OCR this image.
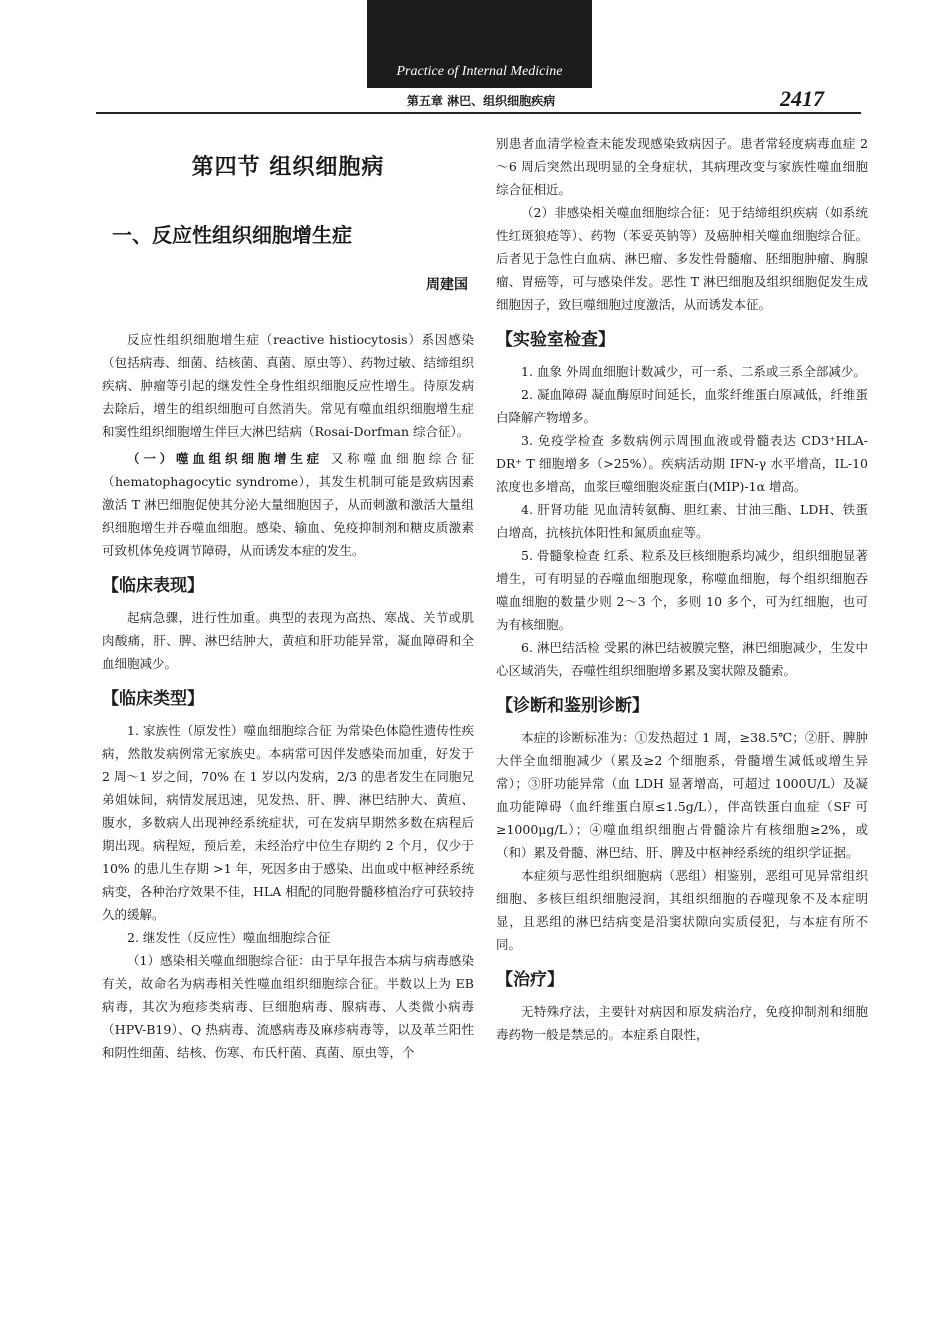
Practice of Internal Medicine
第五章 淋巴、组织细胞疾病	2417
第四节 组织细胞病
一、反应性组织细胞增生症
周建国

反应性组织细胞增生症（reactive histiocytosis）系因感染（包括病毒、细菌、结核菌、真菌、原虫等）、药物过敏、结缔组织疾病、肿瘤等引起的继发性全身性组织细胞反应性增生。待原发病去除后，增生的组织细胞可自然消失。常见有噬血组织细胞增生症和窦性组织细胞增生伴巨大淋巴结病（Rosai-Dorfman 综合征）。

（一）噬血组织细胞增生症 又称噬血细胞综合征（hematophagocytic syndrome），其发生机制可能是致病因素激活 T 淋巴细胞促使其分泌大量细胞因子，从而刺激和激活大量组织细胞增生并吞噬血细胞。感染、输血、免疫抑制剂和糖皮质激素可致机体免疫调节障碍，从而诱发本症的发生。

【临床表现】

起病急骤，进行性加重。典型的表现为高热、寒战、关节或肌肉酸痛，肝、脾、淋巴结肿大，黄疸和肝功能异常，凝血障碍和全血细胞减少。

【临床类型】

1. 家族性（原发性）噬血细胞综合征 为常染色体隐性遗传性疾病，然散发病例常无家族史。本病常可因伴发感染而加重，好发于 2 周～1 岁之间，70% 在 1 岁以内发病，2/3 的患者发生在同胞兄弟姐妹间，病情发展迅速，见发热、肝、脾、淋巴结肿大、黄疸、腹水，多数病人出现神经系统症状，可在发病早期然多数在病程后期出现。病程短，预后差，未经治疗中位生存期约 2 个月，仅少于 10% 的患儿生存期 >1 年，死因多由于感染、出血或中枢神经系统病变，各种治疗效果不佳，HLA 相配的同胞骨髓移植治疗可获较持久的缓解。

2. 继发性（反应性）噬血细胞综合征

（1）感染相关噬血细胞综合征：由于早年报告本病与病毒感染有关，故命名为病毒相关性噬血组织细胞综合征。半数以上为 EB 病毒，其次为疱疹类病毒、巨细胞病毒、腺病毒、人类微小病毒（HPV-B19）、Q 热病毒、流感病毒及麻疹病毒等，以及革兰阳性和阴性细菌、结核、伤寒、布氏杆菌、真菌、原虫等，个

别患者血清学检查未能发现感染致病因子。患者常轻度病毒血症 2～6 周后突然出现明显的全身症状，其病理改变与家族性噬血细胞综合征相近。

（2）非感染相关噬血细胞综合征：见于结缔组织疾病（如系统性红斑狼疮等）、药物（苯妥英钠等）及癌肿相关噬血细胞综合征。后者见于急性白血病、淋巴瘤、多发性骨髓瘤、胚细胞肿瘤、胸腺瘤、胃癌等，可与感染伴发。恶性 T 淋巴细胞及组织细胞促发生成细胞因子，致巨噬细胞过度激活，从而诱发本征。

【实验室检查】

1. 血象 外周血细胞计数减少，可一系、二系或三系全部减少。

2. 凝血障碍 凝血酶原时间延长，血浆纤维蛋白原减低，纤维蛋白降解产物增多。

3. 免疫学检查 多数病例示周围血液或骨髓表达 CD3⁺HLA-DR⁺ T 细胞增多（>25%）。疾病活动期 IFN-γ 水平增高，IL-10 浓度也多增高，血浆巨噬细胞炎症蛋白(MIP)-1α 增高。

4. 肝肾功能 见血清转氨酶、胆红素、甘油三酯、LDH、铁蛋白增高，抗核抗体阳性和氮质血症等。

5. 骨髓象检查 红系、粒系及巨核细胞系均减少，组织细胞显著增生，可有明显的吞噬血细胞现象，称噬血细胞，每个组织细胞吞噬血细胞的数量少则 2～3 个，多则 10 多个，可为红细胞，也可为有核细胞。

6. 淋巴结活检 受累的淋巴结被膜完整，淋巴细胞减少，生发中心区域消失，吞噬性组织细胞增多累及窦状隙及髓索。

【诊断和鉴别诊断】

本症的诊断标准为：①发热超过 1 周，≥38.5℃；②肝、脾肿大伴全血细胞减少（累及≥2 个细胞系，骨髓增生减低或增生异常）；③肝功能异常（血 LDH 显著增高，可超过 1000U/L）及凝血功能障碍（血纤维蛋白原≤1.5g/L），伴高铁蛋白血症（SF 可≥1000μg/L）；④噬血组织细胞占骨髓涂片有核细胞≥2%，或（和）累及骨髓、淋巴结、肝、脾及中枢神经系统的组织学证据。

本症须与恶性组织细胞病（恶组）相鉴别，恶组可见异常组织细胞、多核巨组织细胞浸润，其组织细胞的吞噬现象不及本症明显，且恶组的淋巴结病变是沿窦状隙向实质侵犯，与本症有所不同。

【治疗】

无特殊疗法，主要针对病因和原发病治疗，免疫抑制剂和细胞毒药物一般是禁忌的。本症系自限性，
